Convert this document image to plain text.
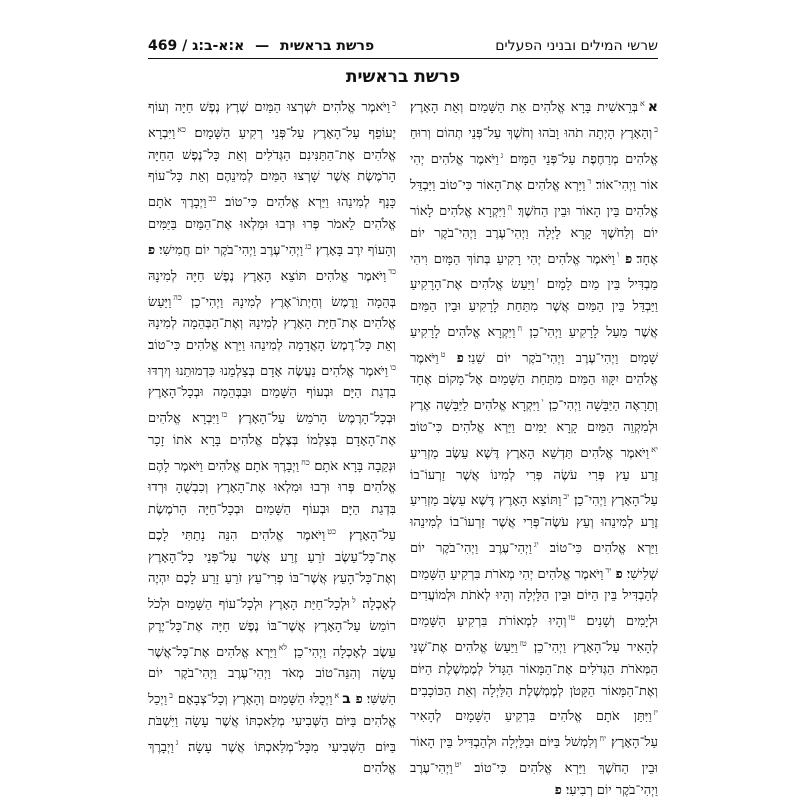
שרשי המילים ובניני הפעלים
פרשת בראשית — א:א-ב:ג / 469
פרשת בראשית

א$^א$בְּרֵאשִׁית בָּרָא אֱלֹהִים אֵת הַשָּׁמַיִם וְאֵת הָאָרֶץ׃ $^ב$וְהָאָרֶץ הָיְתָה תֹהוּ וָבֹהוּ וְחֹשֶׁךְ עַל־פְּנֵי תְהוֹם וְרוּחַ אֱלֹהִים מְרַחֶפֶת עַל־פְּנֵי הַמָּיִם׃ $^ג$וַיֹּאמֶר אֱלֹהִים יְהִי אוֹר וַיְהִי־אוֹר׃ $^ד$וַיַּרְא אֱלֹהִים אֶת־הָאוֹר כִּי־טוֹב וַיַּבְדֵּל אֱלֹהִים בֵּין הָאוֹר וּבֵין הַחֹשֶׁךְ׃ $^ה$וַיִּקְרָא אֱלֹהִים לָאוֹר יוֹם וְלַחֹשֶׁךְ קָרָא לָיְלָה וַיְהִי־עֶרֶב וַיְהִי־בֹקֶר יוֹם אֶחָד׃פ $^ו$וַיֹּאמֶר אֱלֹהִים יְהִי רָקִיעַ בְּתוֹךְ הַמָּיִם וִיהִי מַבְדִּיל בֵּין מַיִם לָמָיִם׃ $^ז$וַיַּעַשׂ אֱלֹהִים אֶת־הָרָקִיעַ וַיַּבְדֵּל בֵּין הַמַּיִם אֲשֶׁר מִתַּחַת לָרָקִיעַ וּבֵין הַמַּיִם אֲשֶׁר מֵעַל לָרָקִיעַ וַיְהִי־כֵן׃ $^ח$וַיִּקְרָא אֱלֹהִים לָרָקִיעַ שָׁמָיִם וַיְהִי־עֶרֶב וַיְהִי־בֹקֶר יוֹם שֵׁנִי׃פ $^ט$וַיֹּאמֶר אֱלֹהִים יִקָּווּ הַמַּיִם מִתַּחַת הַשָּׁמַיִם אֶל־מָקוֹם אֶחָד וְתֵרָאֶה הַיַּבָּשָׁה וַיְהִי־כֵן׃ $^י$וַיִּקְרָא אֱלֹהִים לַיַּבָּשָׁה אֶרֶץ וּלְמִקְוֵה הַמַּיִם קָרָא יַמִּים וַיַּרְא אֱלֹהִים כִּי־טוֹב׃ $^{יא}$וַיֹּאמֶר אֱלֹהִים תַּדְשֵׁא הָאָרֶץ דֶּשֶׁא עֵשֶׂב מַזְרִיעַ זֶרַע עֵץ פְּרִי עֹשֶׂה פְּרִי לְמִינוֹ אֲשֶׁר זַרְעוֹ־בוֹ עַל־הָאָרֶץ וַיְהִי־כֵן׃ $^{יב}$וַתּוֹצֵא הָאָרֶץ דֶּשֶׁא עֵשֶׂב מַזְרִיעַ זֶרַע לְמִינֵהוּ וְעֵץ עֹשֶׂה־פְּרִי אֲשֶׁר זַרְעוֹ־בוֹ לְמִינֵהוּ וַיַּרְא אֱלֹהִים כִּי־טוֹב׃ $^{יג}$וַיְהִי־עֶרֶב וַיְהִי־בֹקֶר יוֹם שְׁלִישִׁי׃פ $^{יד}$וַיֹּאמֶר אֱלֹהִים יְהִי מְאֹרֹת בִּרְקִיעַ הַשָּׁמַיִם לְהַבְדִּיל בֵּין הַיּוֹם וּבֵין הַלָּיְלָה וְהָיוּ לְאֹתֹת וּלְמוֹעֲדִים וּלְיָמִים וְשָׁנִים׃ $^{טו}$וְהָיוּ לִמְאוֹרֹת בִּרְקִיעַ הַשָּׁמַיִם לְהָאִיר עַל־הָאָרֶץ וַיְהִי־כֵן׃ $^{טז}$וַיַּעַשׂ אֱלֹהִים אֶת־שְׁנֵי הַמְּאֹרֹת הַגְּדֹלִים אֶת־הַמָּאוֹר הַגָּדֹל לְמֶמְשֶׁלֶת הַיּוֹם וְאֶת־הַמָּאוֹר הַקָּטֹן לְמֶמְשֶׁלֶת הַלַּיְלָה וְאֵת הַכּוֹכָבִים׃ $^{יז}$וַיִּתֵּן אֹתָם אֱלֹהִים בִּרְקִיעַ הַשָּׁמָיִם לְהָאִיר עַל־הָאָרֶץ׃ $^{יח}$וְלִמְשֹׁל בַּיּוֹם וּבַלַּיְלָה וּלְהַבְדִּיל בֵּין הָאוֹר וּבֵין הַחֹשֶׁךְ וַיַּרְא אֱלֹהִים כִּי־טוֹב׃ $^{יט}$וַיְהִי־עֶרֶב וַיְהִי־בֹקֶר יוֹם רְבִיעִי׃פ

$^כ$וַיֹּאמֶר אֱלֹהִים יִשְׁרְצוּ הַמַּיִם שֶׁרֶץ נֶפֶשׁ חַיָּה וְעוֹף יְעוֹפֵף עַל־הָאָרֶץ עַל־פְּנֵי רְקִיעַ הַשָּׁמָיִם׃ $^{כא}$וַיִּבְרָא אֱלֹהִים אֶת־הַתַּנִּינִם הַגְּדֹלִים וְאֵת כָּל־נֶפֶשׁ הַחַיָּה הָרֹמֶשֶׂת אֲשֶׁר שָׁרְצוּ הַמַּיִם לְמִינֵהֶם וְאֵת כָּל־עוֹף כָּנָף לְמִינֵהוּ וַיַּרְא אֱלֹהִים כִּי־טוֹב׃ $^{כב}$וַיְבָרֶךְ אֹתָם אֱלֹהִים לֵאמֹר פְּרוּ וּרְבוּ וּמִלְאוּ אֶת־הַמַּיִם בַּיַּמִּים וְהָעוֹף יִרֶב בָּאָרֶץ׃ $^{כג}$וַיְהִי־עֶרֶב וַיְהִי־בֹקֶר יוֹם חֲמִישִׁי׃פ $^{כד}$וַיֹּאמֶר אֱלֹהִים תּוֹצֵא הָאָרֶץ נֶפֶשׁ חַיָּה לְמִינָהּ בְּהֵמָה וָרֶמֶשׂ וְחַיְתוֹ־אֶרֶץ לְמִינָהּ וַיְהִי־כֵן׃ $^{כה}$וַיַּעַשׂ אֱלֹהִים אֶת־חַיַּת הָאָרֶץ לְמִינָהּ וְאֶת־הַבְּהֵמָה לְמִינָהּ וְאֵת כָּל־רֶמֶשׂ הָאֲדָמָה לְמִינֵהוּ וַיַּרְא אֱלֹהִים כִּי־טוֹב׃ $^{כו}$וַיֹּאמֶר אֱלֹהִים נַעֲשֶׂה אָדָם בְּצַלְמֵנוּ כִּדְמוּתֵנוּ וְיִרְדּוּ בִדְגַת הַיָּם וּבְעוֹף הַשָּׁמַיִם וּבַבְּהֵמָה וּבְכָל־הָאָרֶץ וּבְכָל־הָרֶמֶשׂ הָרֹמֵשׂ עַל־הָאָרֶץ׃ $^{כז}$וַיִּבְרָא אֱלֹהִים אֶת־הָאָדָם בְּצַלְמוֹ בְּצֶלֶם אֱלֹהִים בָּרָא אֹתוֹ זָכָר וּנְקֵבָה בָּרָא אֹתָם׃ $^{כח}$וַיְבָרֶךְ אֹתָם אֱלֹהִים וַיֹּאמֶר לָהֶם אֱלֹהִים פְּרוּ וּרְבוּ וּמִלְאוּ אֶת־הָאָרֶץ וְכִבְשֻׁהָ וּרְדוּ בִּדְגַת הַיָּם וּבְעוֹף הַשָּׁמַיִם וּבְכָל־חַיָּה הָרֹמֶשֶׂת עַל־הָאָרֶץ׃ $^{כט}$וַיֹּאמֶר אֱלֹהִים הִנֵּה נָתַתִּי לָכֶם אֶת־כָּל־עֵשֶׂב זֹרֵעַ זֶרַע אֲשֶׁר עַל־פְּנֵי כָל־הָאָרֶץ וְאֶת־כָּל־הָעֵץ אֲשֶׁר־בּוֹ פְרִי־עֵץ זֹרֵעַ זָרַע לָכֶם יִהְיֶה לְאָכְלָה׃ $^ל$וּלְכָל־חַיַּת הָאָרֶץ וּלְכָל־עוֹף הַשָּׁמַיִם וּלְכֹל רוֹמֵשׂ עַל־הָאָרֶץ אֲשֶׁר־בּוֹ נֶפֶשׁ חַיָּה אֶת־כָּל־יֶרֶק עֵשֶׂב לְאָכְלָה וַיְהִי־כֵן׃ $^{לא}$וַיַּרְא אֱלֹהִים אֶת־כָּל־אֲשֶׁר עָשָׂה וְהִנֵּה־טוֹב מְאֹד וַיְהִי־עֶרֶב וַיְהִי־בֹקֶר יוֹם הַשִּׁשִּׁי׃פ ב$^א$וַיְכֻלּוּ הַשָּׁמַיִם וְהָאָרֶץ וְכָל־צְבָאָם׃ $^ב$וַיְכַל אֱלֹהִים בַּיּוֹם הַשְּׁבִיעִי מְלַאכְתּוֹ אֲשֶׁר עָשָׂה וַיִּשְׁבֹּת בַּיּוֹם הַשְּׁבִיעִי מִכָּל־מְלַאכְתּוֹ אֲשֶׁר עָשָׂה׃ $^ג$וַיְבָרֶךְ אֱלֹהִים
